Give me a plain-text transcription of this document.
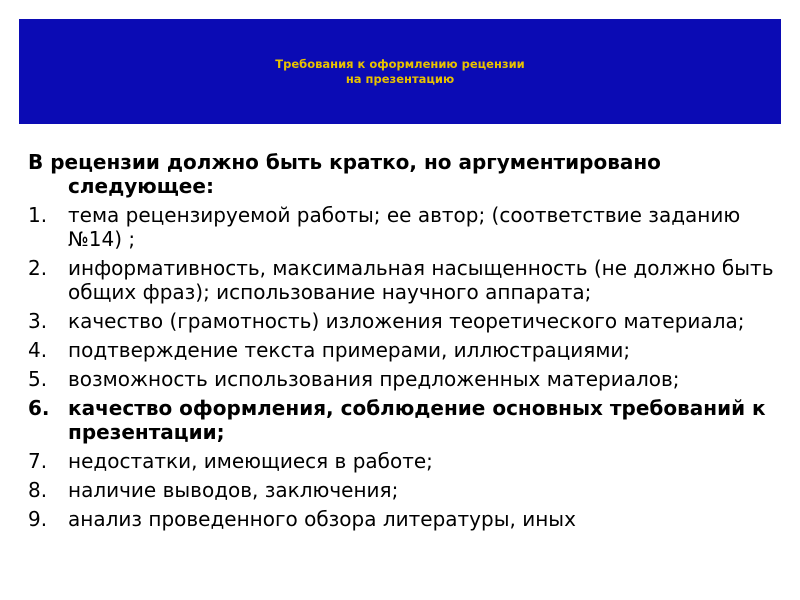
Требования к оформлению рецензии
на презентацию

В рецензии должно быть кратко, но аргументировано следующее:

1.	тема рецензируемой работы; ее автор; (соответствие заданию №14) ;
2.	информативность, максимальная насыщенность (не должно быть общих фраз); использование научного аппарата;
3.	качество (грамотность) изложения теоретического материала;
4.	подтверждение текста примерами, иллюстрациями;
5.	возможность использования предложенных материалов;
6. качество оформления, соблюдение основных требований к презентации;
7.	недостатки, имеющиеся в работе;
8.	наличие выводов, заключения;
9.	анализ проведенного обзора литературы, иных
